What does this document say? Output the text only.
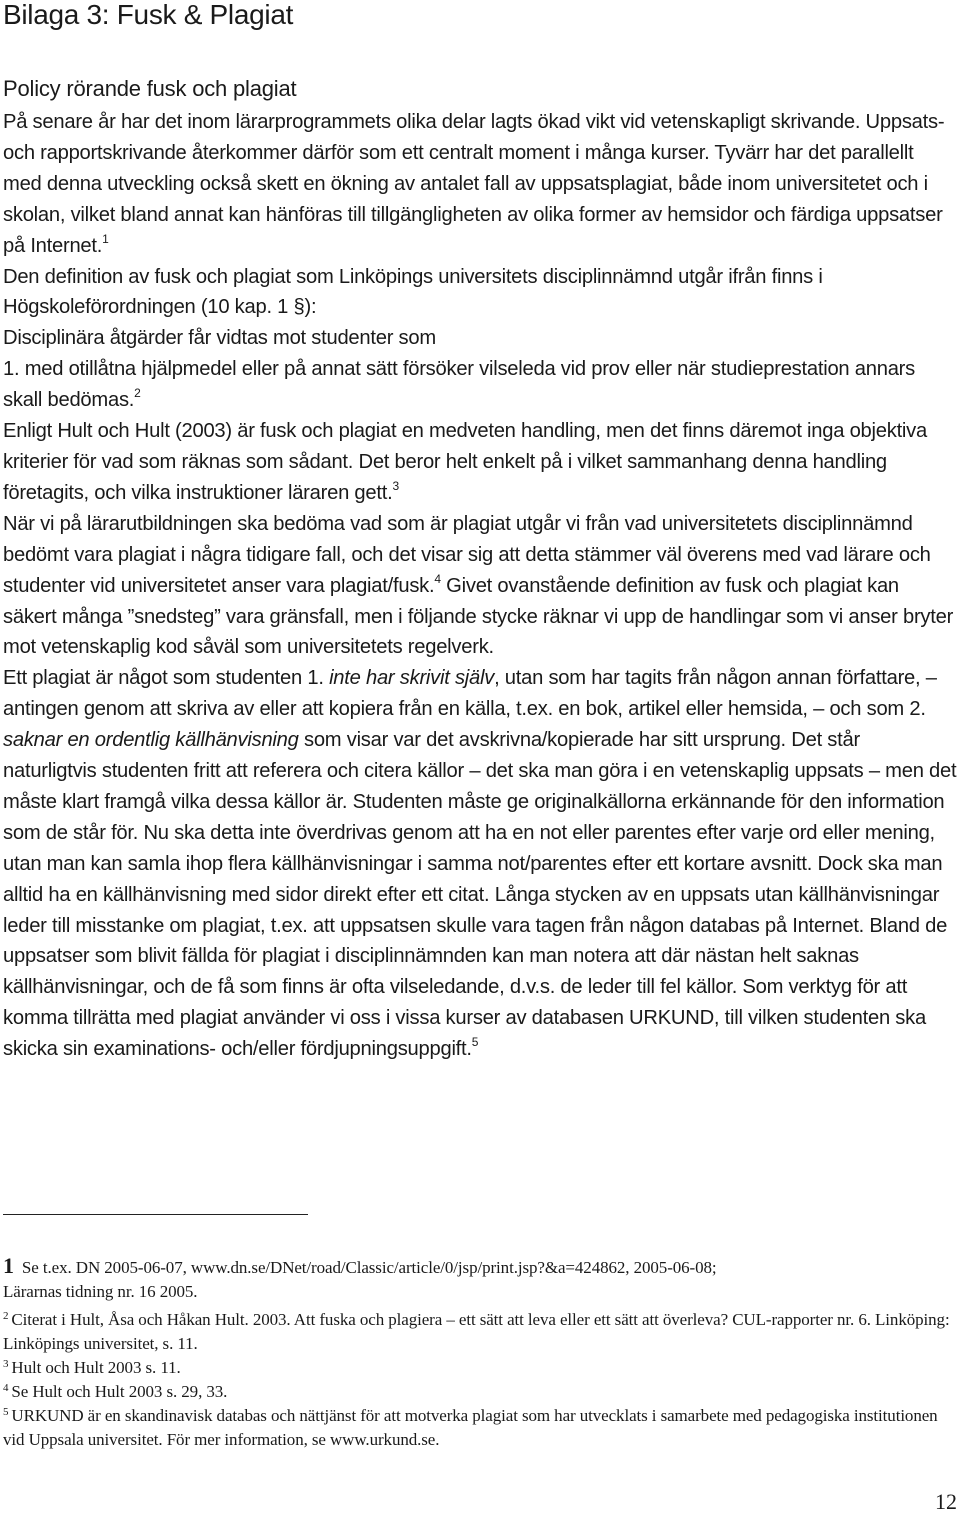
Bilaga 3: Fusk & Plagiat
Policy rörande fusk och plagiat

På senare år har det inom lärarprogrammets olika delar lagts ökad vikt vid vetenskapligt skrivande. Uppsats- och rapportskrivande återkommer därför som ett centralt moment i många kurser. Tyvärr har det parallellt med denna utveckling också skett en ökning av antalet fall av uppsatsplagiat, både inom universitetet och i skolan, vilket bland annat kan hänföras till tillgängligheten av olika former av hemsidor och färdiga uppsatser på Internet.$^1$

Den definition av fusk och plagiat som Linköpings universitets disciplinnämnd utgår ifrån finns i Högskoleförordningen (10 kap. 1 §):

Disciplinära åtgärder får vidtas mot studenter som

1. med otillåtna hjälpmedel eller på annat sätt försöker vilseleda vid prov eller när studieprestation annars skall bedömas.$^2$

Enligt Hult och Hult (2003) är fusk och plagiat en medveten handling, men det finns däremot inga objektiva kriterier för vad som räknas som sådant. Det beror helt enkelt på i vilket sammanhang denna handling företagits, och vilka instruktioner läraren gett.$^3$

När vi på lärarutbildningen ska bedöma vad som är plagiat utgår vi från vad universitetets disciplinnämnd bedömt vara plagiat i några tidigare fall, och det visar sig att detta stämmer väl överens med vad lärare och studenter vid universitetet anser vara plagiat/fusk.$^4$ Givet ovanstående definition av fusk och plagiat kan säkert många ”snedsteg” vara gränsfall, men i följande stycke räknar vi upp de handlingar som vi anser bryter mot vetenskaplig kod såväl som universitetets regelverk.

Ett plagiat är något som studenten 1. inte har skrivit själv, utan som har tagits från någon annan författare, – antingen genom att skriva av eller att kopiera från en källa, t.ex. en bok, artikel eller hemsida, – och som 2. saknar en ordentlig källhänvisning som visar var det avskrivna/kopierade har sitt ursprung. Det står naturligtvis studenten fritt att referera och citera källor – det ska man göra i en vetenskaplig uppsats – men det måste klart framgå vilka dessa källor är. Studenten måste ge originalkällorna erkännande för den information som de står för. Nu ska detta inte överdrivas genom att ha en not eller parentes efter varje ord eller mening, utan man kan samla ihop flera källhänvisningar i samma not/parentes efter ett kortare avsnitt. Dock ska man alltid ha en källhänvisning med sidor direkt efter ett citat. Långa stycken av en uppsats utan källhänvisningar leder till misstanke om plagiat, t.ex. att uppsatsen skulle vara tagen från någon databas på Internet. Bland de uppsatser som blivit fällda för plagiat i disciplinnämnden kan man notera att där nästan helt saknas källhänvisningar, och de få som finns är ofta vilseledande, d.v.s. de leder till fel källor. Som verktyg för att komma tillrätta med plagiat använder vi oss i vissa kurser av databasen URKUND, till vilken studenten ska skicka sin examinations- och/eller fördjupningsuppgift.$^5$

1 Se t.ex. DN 2005-06-07, www.dn.se/DNet/road/Classic/article/0/jsp/print.jsp?&a=424862, 2005-06-08;
Lärarnas tidning nr. 16 2005.

$^2$ Citerat i Hult, Åsa och Håkan Hult. 2003. Att fuska och plagiera – ett sätt att leva eller ett sätt att överleva? CUL-rapporter nr. 6. Linköping: Linköpings universitet, s. 11.

$^3$ Hult och Hult 2003 s. 11.

$^4$ Se Hult och Hult 2003 s. 29, 33.

$^5$ URKUND är en skandinavisk databas och nättjänst för att motverka plagiat som har utvecklats i samarbete med pedagogiska institutionen vid Uppsala universitet. För mer information, se www.urkund.se.

12
